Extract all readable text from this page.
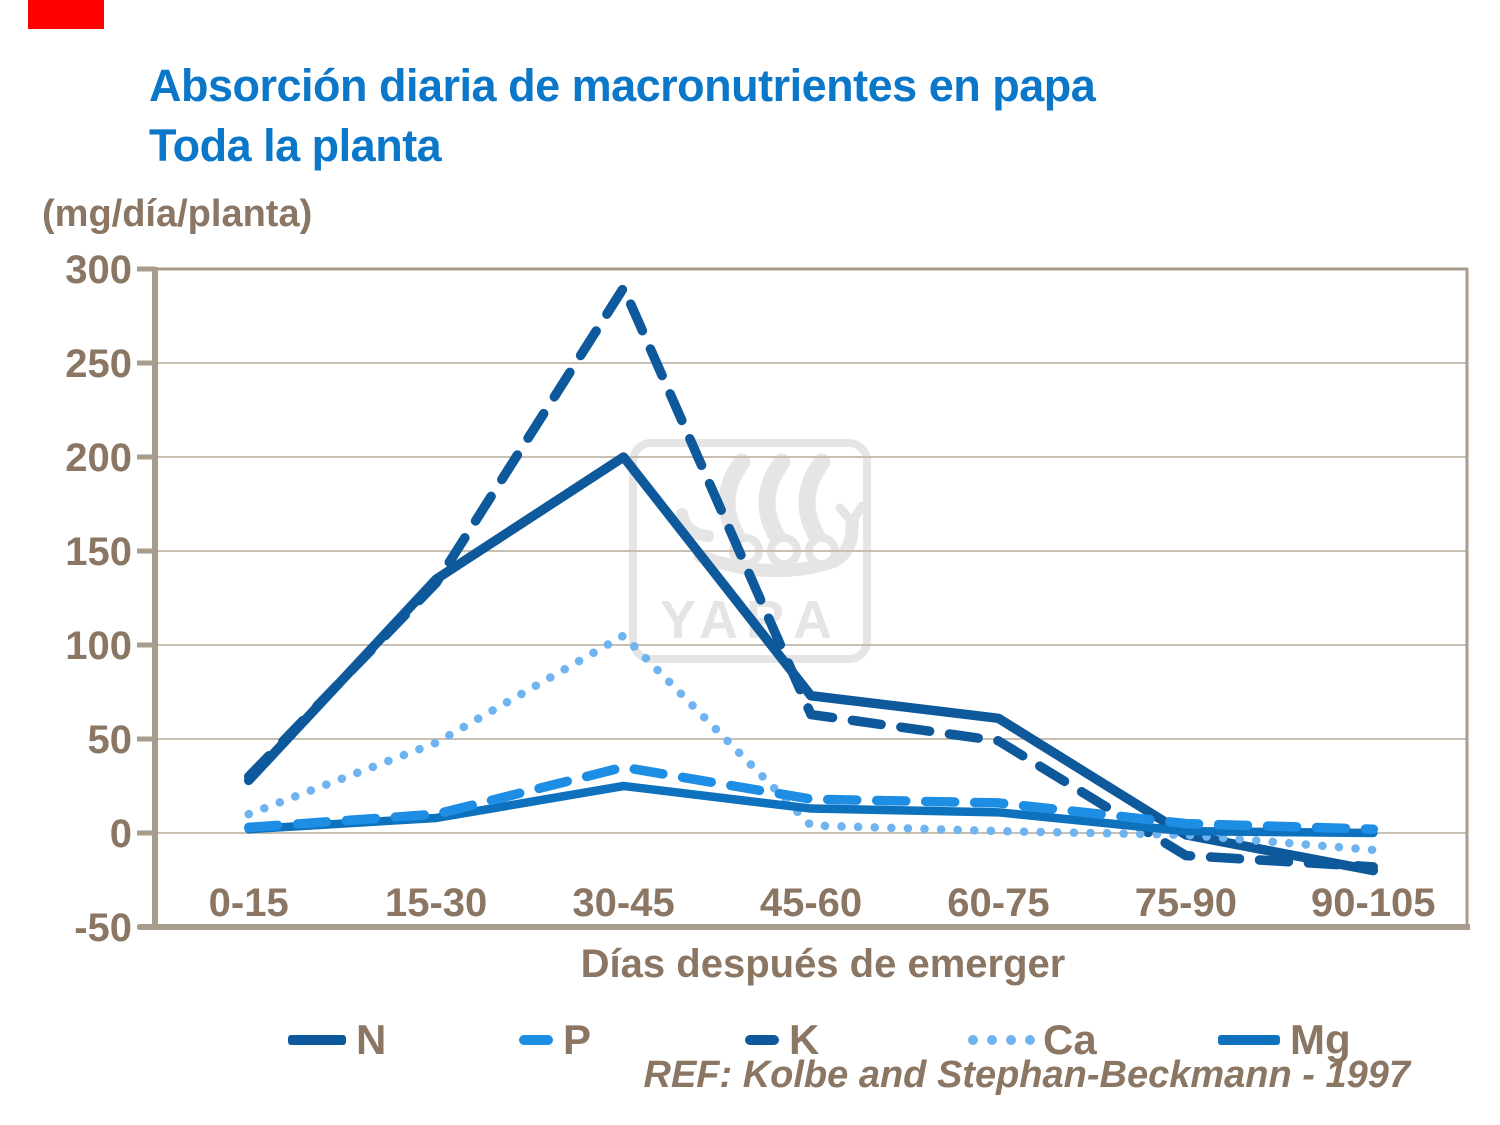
Absorción diaria de macronutrientes en papa
Toda la planta
(mg/día/planta)
YARA
300
250
200
150
100
50
0
-50
0-15 15-30 30-45 45-60 60-75 75-90 90-105
Días después de emerger
N	P	K	Ca	Mg
REF: Kolbe and Stephan-Beckmann - 1997
